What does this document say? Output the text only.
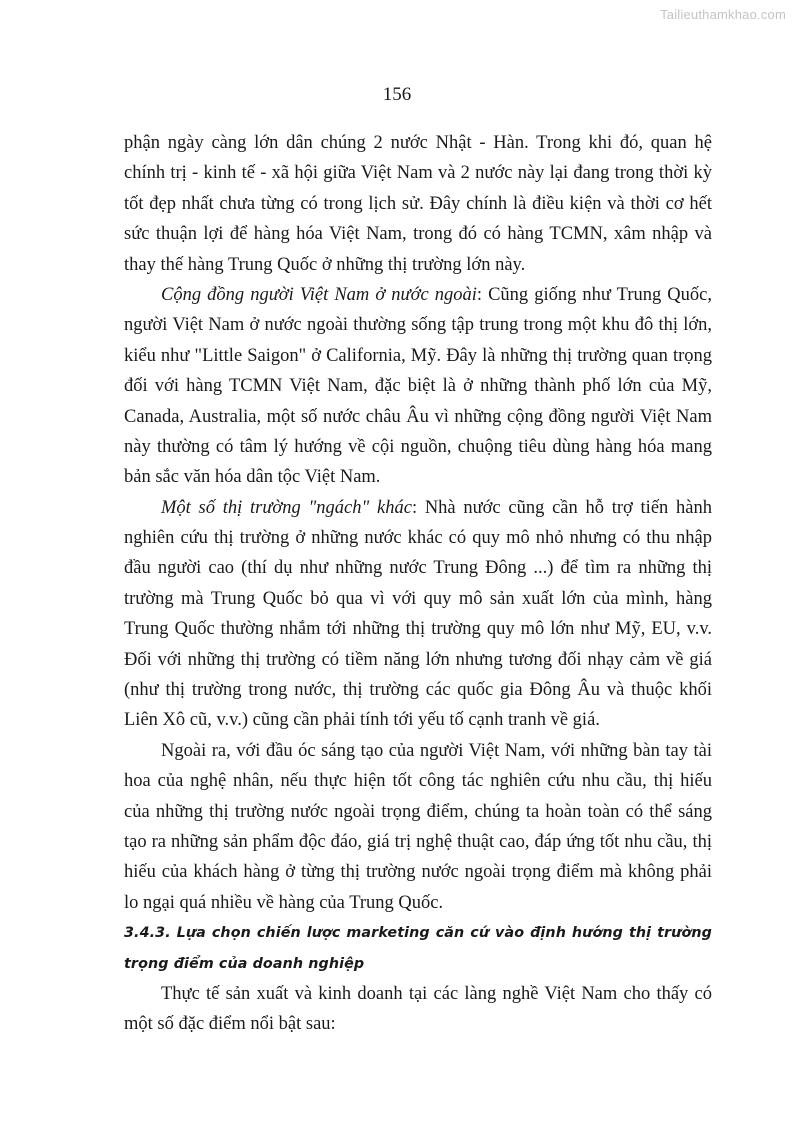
Tailieuthamkhao.com
156
phận ngày càng lớn dân chúng 2 nước Nhật - Hàn. Trong khi đó, quan hệ
chính trị - kinh tế - xã hội giữa Việt Nam và 2 nước này lại đang trong thời kỳ
tốt đẹp nhất chưa từng có trong lịch sử. Đây chính là điều kiện và thời cơ hết
sức thuận lợi để hàng hóa Việt Nam, trong đó có hàng TCMN, xâm nhập và
thay thế hàng Trung Quốc ở những thị trường lớn này.
Cộng đồng người Việt Nam ở nước ngoài: Cũng giống như Trung Quốc,
người Việt Nam ở nước ngoài thường sống tập trung trong một khu đô thị lớn,
kiểu như "Little Saigon" ở California, Mỹ. Đây là những thị trường quan trọng
đối với hàng TCMN Việt Nam, đặc biệt là ở những thành phố lớn của Mỹ,
Canada, Australia, một số nước châu Âu vì những cộng đồng người Việt Nam
này thường có tâm lý hướng về cội nguồn, chuộng tiêu dùng hàng hóa mang
bản sắc văn hóa dân tộc Việt Nam.
Một số thị trường "ngách" khác: Nhà nước cũng cần hỗ trợ tiến hành
nghiên cứu thị trường ở những nước khác có quy mô nhỏ nhưng có thu nhập
đầu người cao (thí dụ như những nước Trung Đông ...) để tìm ra những thị
trường mà Trung Quốc bỏ qua vì với quy mô sản xuất lớn của mình, hàng
Trung Quốc thường nhắm tới những thị trường quy mô lớn như Mỹ, EU, v.v.
Đối với những thị trường có tiềm năng lớn nhưng tương đối nhạy cảm về giá
(như thị trường trong nước, thị trường các quốc gia Đông Âu và thuộc khối
Liên Xô cũ, v.v.) cũng cần phải tính tới yếu tố cạnh tranh về giá.
Ngoài ra, với đầu óc sáng tạo của người Việt Nam, với những bàn tay tài
hoa của nghệ nhân, nếu thực hiện tốt công tác nghiên cứu nhu cầu, thị hiếu
của những thị trường nước ngoài trọng điểm, chúng ta hoàn toàn có thể sáng
tạo ra những sản phẩm độc đáo, giá trị nghệ thuật cao, đáp ứng tốt nhu cầu, thị
hiếu của khách hàng ở từng thị trường nước ngoài trọng điểm mà không phải
lo ngại quá nhiều về hàng của Trung Quốc.
3.4.3. Lựa chọn chiến lược marketing căn cứ vào định hướng thị trường
trọng điểm của doanh nghiệp
Thực tế sản xuất và kinh doanh tại các làng nghề Việt Nam cho thấy có
một số đặc điểm nổi bật sau:
